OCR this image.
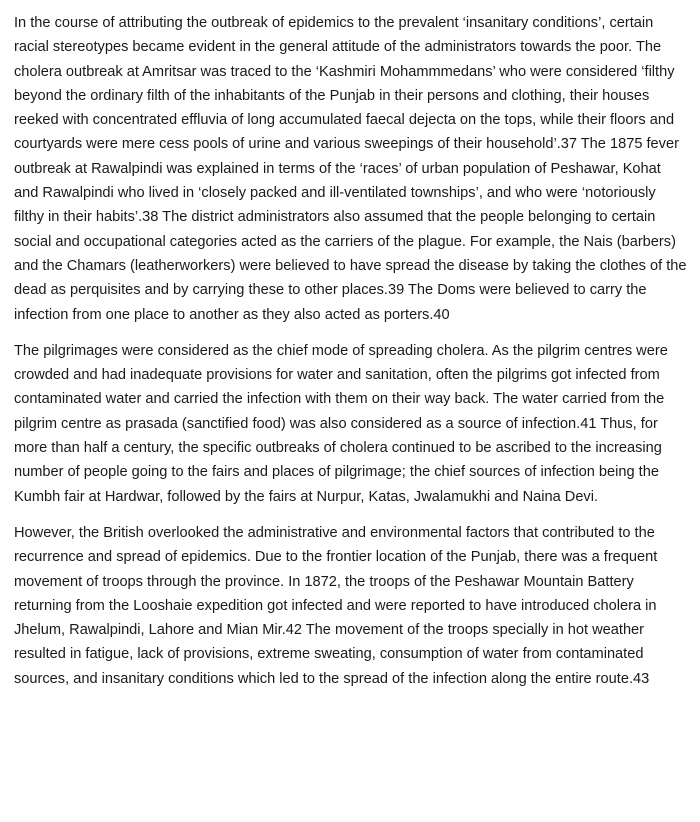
In the course of attributing the outbreak of epidemics to the prevalent ‘insanitary conditions’, certain racial stereotypes became evident in the general attitude of the administrators towards the poor. The cholera outbreak at Amritsar was traced to the ‘Kashmiri Mohammmedans’ who were considered ‘filthy beyond the ordinary filth of the inhabitants of the Punjab in their persons and clothing, their houses reeked with concentrated effluvia of long accumulated faecal dejecta on the tops, while their floors and courtyards were mere cess pools of urine and various sweepings of their household’.37 The 1875 fever outbreak at Rawalpindi was explained in terms of the ‘races’ of urban population of Peshawar, Kohat and Rawalpindi who lived in ‘closely packed and ill-ventilated townships’, and who were ‘notoriously filthy in their habits’.38 The district administrators also assumed that the people belonging to certain social and occupational categories acted as the carriers of the plague. For example, the Nais (barbers) and the Chamars (leatherworkers) were believed to have spread the disease by taking the clothes of the dead as perquisites and by carrying these to other places.39 The Doms were believed to carry the infection from one place to another as they also acted as porters.40

The pilgrimages were considered as the chief mode of spreading cholera. As the pilgrim centres were crowded and had inadequate provisions for water and sanitation, often the pilgrims got infected from contaminated water and carried the infection with them on their way back. The water carried from the pilgrim centre as prasada (sanctified food) was also considered as a source of infection.41 Thus, for more than half a century, the specific outbreaks of cholera continued to be ascribed to the increasing number of people going to the fairs and places of pilgrimage; the chief sources of infection being the Kumbh fair at Hardwar, followed by the fairs at Nurpur, Katas, Jwalamukhi and Naina Devi.

However, the British overlooked the administrative and environmental factors that contributed to the recurrence and spread of epidemics. Due to the frontier location of the Punjab, there was a frequent movement of troops through the province. In 1872, the troops of the Peshawar Mountain Battery returning from the Looshaie expedition got infected and were reported to have introduced cholera in Jhelum, Rawalpindi, Lahore and Mian Mir.42 The movement of the troops specially in hot weather resulted in fatigue, lack of provisions, extreme sweating, consumption of water from contaminated sources, and insanitary conditions which led to the spread of the infection along the entire route.43
